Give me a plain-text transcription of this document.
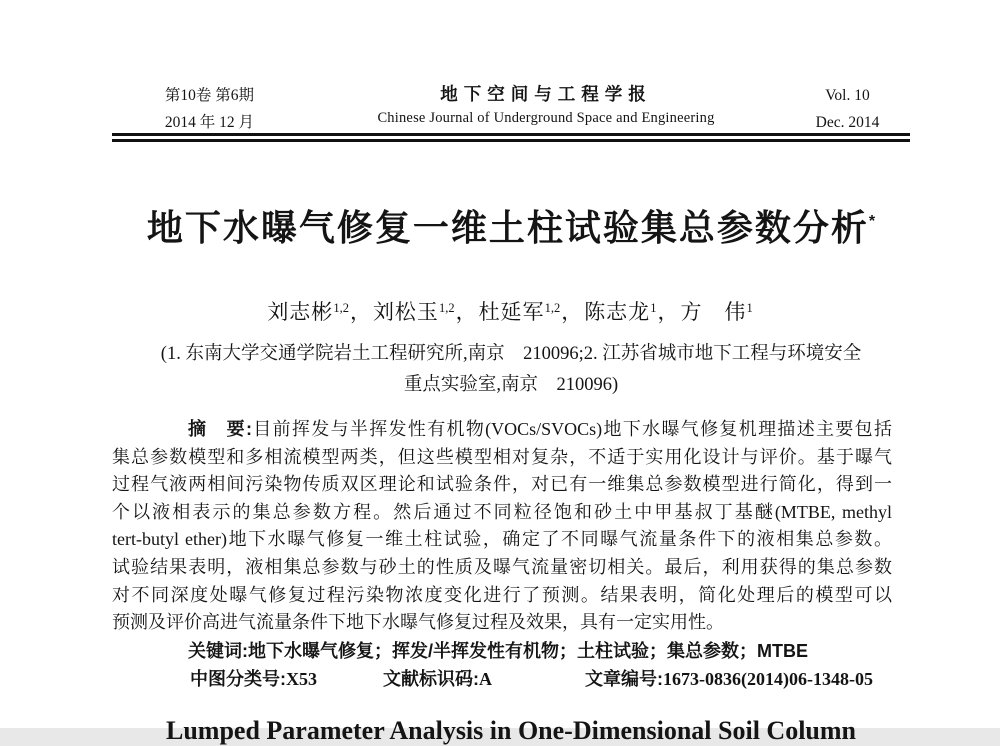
第10卷 第6期
2014 年 12 月
地下空间与工程学报
Chinese Journal of Underground Space and Engineering
Vol. 10
Dec. 2014
地下水曝气修复一维土柱试验集总参数分析*
刘志彬$^{1,2}$，刘松玉$^{1,2}$，杜延军$^{1,2}$，陈志龙$^1$，方　伟$^1$
(1. 东南大学交通学院岩土工程研究所,南京　210096;2. 江苏省城市地下工程与环境安全
重点实验室,南京　210096)
摘　要:目前挥发与半挥发性有机物(VOCs/SVOCs)地下水曝气修复机理描述主要包括
集总参数模型和多相流模型两类，但这些模型相对复杂，不适于实用化设计与评价。基于曝气
过程气液两相间污染物传质双区理论和试验条件，对已有一维集总参数模型进行简化，得到一
个以液相表示的集总参数方程。然后通过不同粒径饱和砂土中甲基叔丁基醚(MTBE, methyl
tert-butyl ether)地下水曝气修复一维土柱试验，确定了不同曝气流量条件下的液相集总参数。
试验结果表明，液相集总参数与砂土的性质及曝气流量密切相关。最后，利用获得的集总参数
对不同深度处曝气修复过程污染物浓度变化进行了预测。结果表明，简化处理后的模型可以
预测及评价高进气流量条件下地下水曝气修复过程及效果，具有一定实用性。
关键词:地下水曝气修复；挥发/半挥发性有机物；土柱试验；集总参数；MTBE
中图分类号:X53	文献标识码:A	文章编号:1673-0836(2014)06-1348-05
Lumped Parameter Analysis in One-Dimensional Soil Column
